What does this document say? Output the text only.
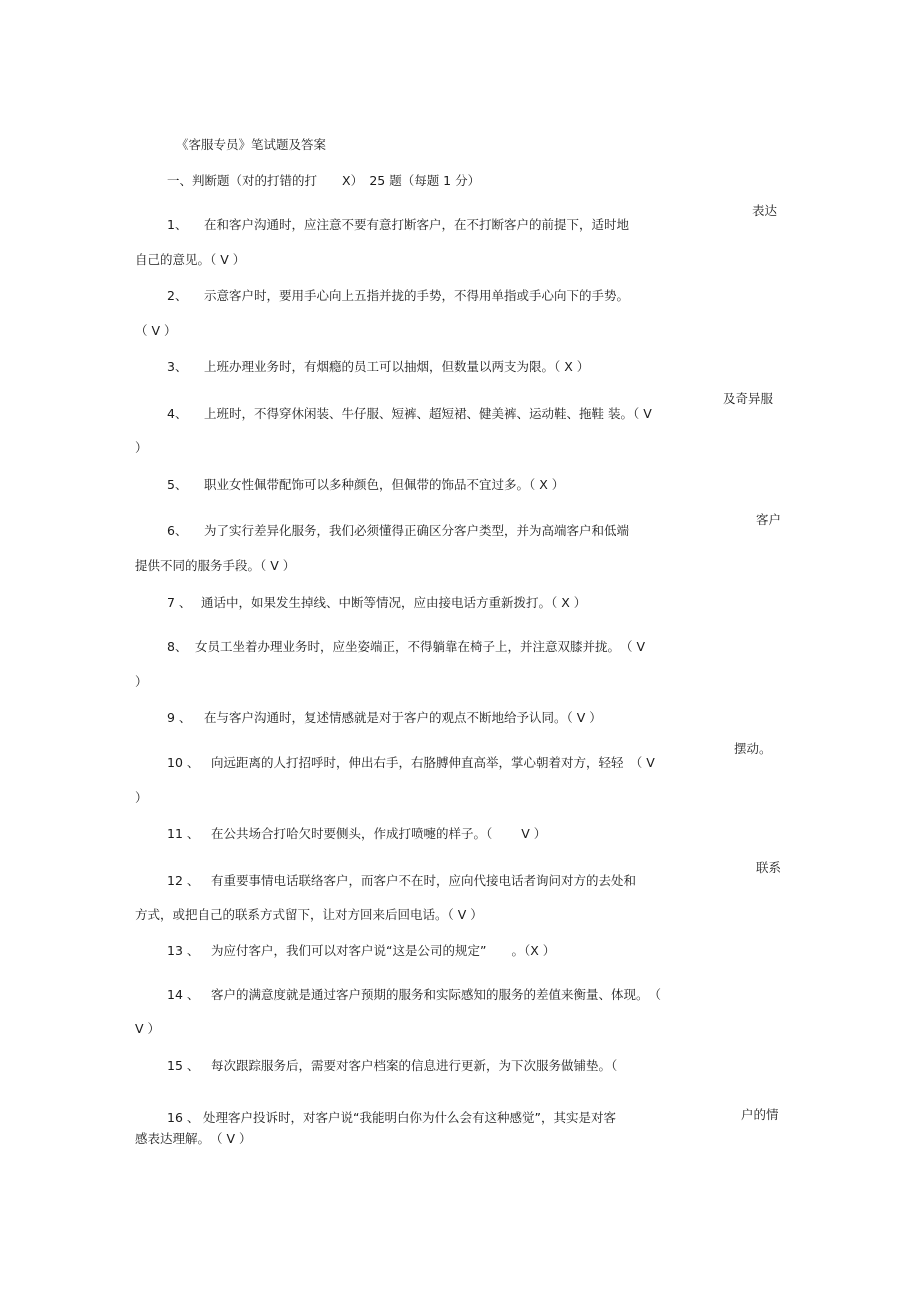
《客服专员》笔试题及答案
一、判断题（对的打错的打　　X）　25 题（每题 1 分）
表达
1、 在和客户沟通时，应注意不要有意打断客户，在不打断客户的前提下，适时地
自己的意见。（ V ）
2、 示意客户时，要用手心向上五指并拢的手势，不得用单指或手心向下的手势。
（ V ）
3、 上班办理业务时，有烟瘾的员工可以抽烟，但数量以两支为限。（ X ）
及奇异服
4、 上班时，不得穿休闲装、牛仔服、短裤、超短裙、健美裤、运动鞋、拖鞋 装。（ V
）
5、 职业女性佩带配饰可以多种颜色，但佩带的饰品不宜过多。（ X ）
客户
6、 为了实行差异化服务，我们必须懂得正确区分客户类型，并为高端客户和低端
提供不同的服务手段。（ V ）
7 、 通话中，如果发生掉线、中断等情况，应由接电话方重新拨打。（ X ）
8、 女员工坐着办理业务时，应坐姿端正，不得躺靠在椅子上，并注意双膝并拢。　（ V
）
9 、 在与客户沟通时，复述情感就是对于客户的观点不断地给予认同。（ V ）
摆动。
10 、 向远距离的人打招呼时，伸出右手，右胳膊伸直高举，掌心朝着对方，轻轻　（ V
）
11 、 在公共场合打哈欠时要侧头，作成打喷嚏的样子。（　　 V ）
联系
12 、 有重要事情电话联络客户，而客户不在时，应向代接电话者询问对方的去处和
方式，或把自己的联系方式留下，让对方回来后回电话。（ V ）
13 、 为应付客户，我们可以对客户说“这是公司的规定”　　。（X ）
14 、 客户的满意度就是通过客户预期的服务和实际感知的服务的差值来衡量、体现。　（
V ）
15 、 每次跟踪服务后，需要对客户档案的信息进行更新，为下次服务做铺垫。（
户的情
16 、 处理客户投诉时，对客户说“我能明白你为什么会有这种感觉”，其实是对客
感表达理解。　（ V ）
